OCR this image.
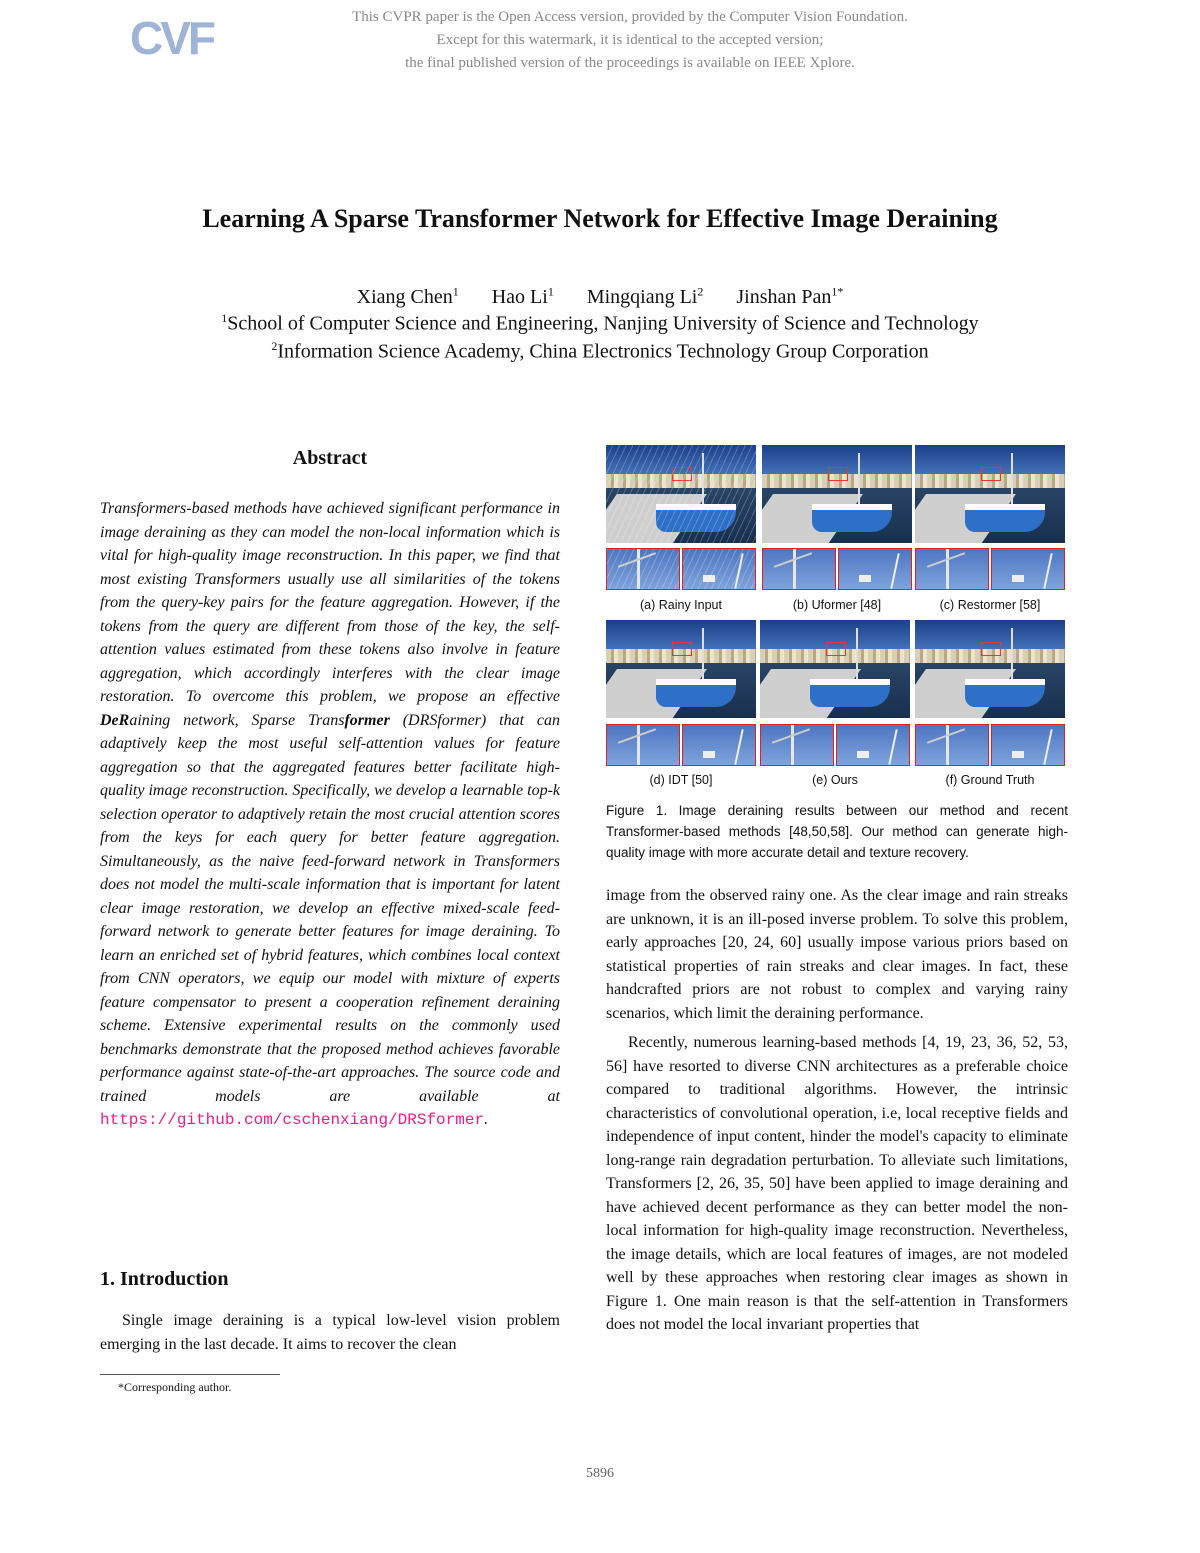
CVF	This CVPR paper is the Open Access version, provided by the Computer Vision Foundation.
Except for this watermark, it is identical to the accepted version;
the final published version of the proceedings is available on IEEE Xplore.
Learning A Sparse Transformer Network for Effective Image Deraining
Xiang Chen$^1$ Hao Li$^1$ Mingqiang Li$^2$ Jinshan Pan$^{1*}$
$^1$School of Computer Science and Engineering, Nanjing University of Science and Technology
$^2$Information Science Academy, China Electronics Technology Group Corporation
Abstract
Transformers-based methods have achieved significant performance in image deraining as they can model the non-local information which is vital for high-quality image reconstruction. In this paper, we find that most existing Transformers usually use all similarities of the tokens from the query-key pairs for the feature aggregation. However, if the tokens from the query are different from those of the key, the self-attention values estimated from these tokens also involve in feature aggregation, which accordingly interferes with the clear image restoration. To overcome this problem, we propose an effective DeRaining network, Sparse Transformer (DRSformer) that can adaptively keep the most useful self-attention values for feature aggregation so that the aggregated features better facilitate high-quality image reconstruction. Specifically, we develop a learnable top-k selection operator to adaptively retain the most crucial attention scores from the keys for each query for better feature aggregation. Simultaneously, as the naive feed-forward network in Transformers does not model the multi-scale information that is important for latent clear image restoration, we develop an effective mixed-scale feed-forward network to generate better features for image deraining. To learn an enriched set of hybrid features, which combines local context from CNN operators, we equip our model with mixture of experts feature compensator to present a cooperation refinement deraining scheme. Extensive experimental results on the commonly used benchmarks demonstrate that the proposed method achieves favorable performance against state-of-the-art approaches. The source code and trained models are available at https://github.com/cschenxiang/DRSformer.
1. Introduction
Single image deraining is a typical low-level vision problem emerging in the last decade. It aims to recover the clean
*Corresponding author.
(a) Rainy Input	(b) Uformer [48]	(c) Restormer [58]
(d) IDT [50]	(e) Ours	(f) Ground Truth
Figure 1. Image deraining results between our method and recent Transformer-based methods [48,50,58]. Our method can generate high-quality image with more accurate detail and texture recovery.

image from the observed rainy one. As the clear image and rain streaks are unknown, it is an ill-posed inverse problem. To solve this problem, early approaches [20, 24, 60] usually impose various priors based on statistical properties of rain streaks and clear images. In fact, these handcrafted priors are not robust to complex and varying rainy scenarios, which limit the deraining performance.

Recently, numerous learning-based methods [4, 19, 23, 36, 52, 53, 56] have resorted to diverse CNN architectures as a preferable choice compared to traditional algorithms. However, the intrinsic characteristics of convolutional operation, i.e, local receptive fields and independence of input content, hinder the model's capacity to eliminate long-range rain degradation perturbation. To alleviate such limitations, Transformers [2, 26, 35, 50] have been applied to image deraining and have achieved decent performance as they can better model the non-local information for high-quality image reconstruction. Nevertheless, the image details, which are local features of images, are not modeled well by these approaches when restoring clear images as shown in Figure 1. One main reason is that the self-attention in Transformers does not model the local invariant properties that

5896
